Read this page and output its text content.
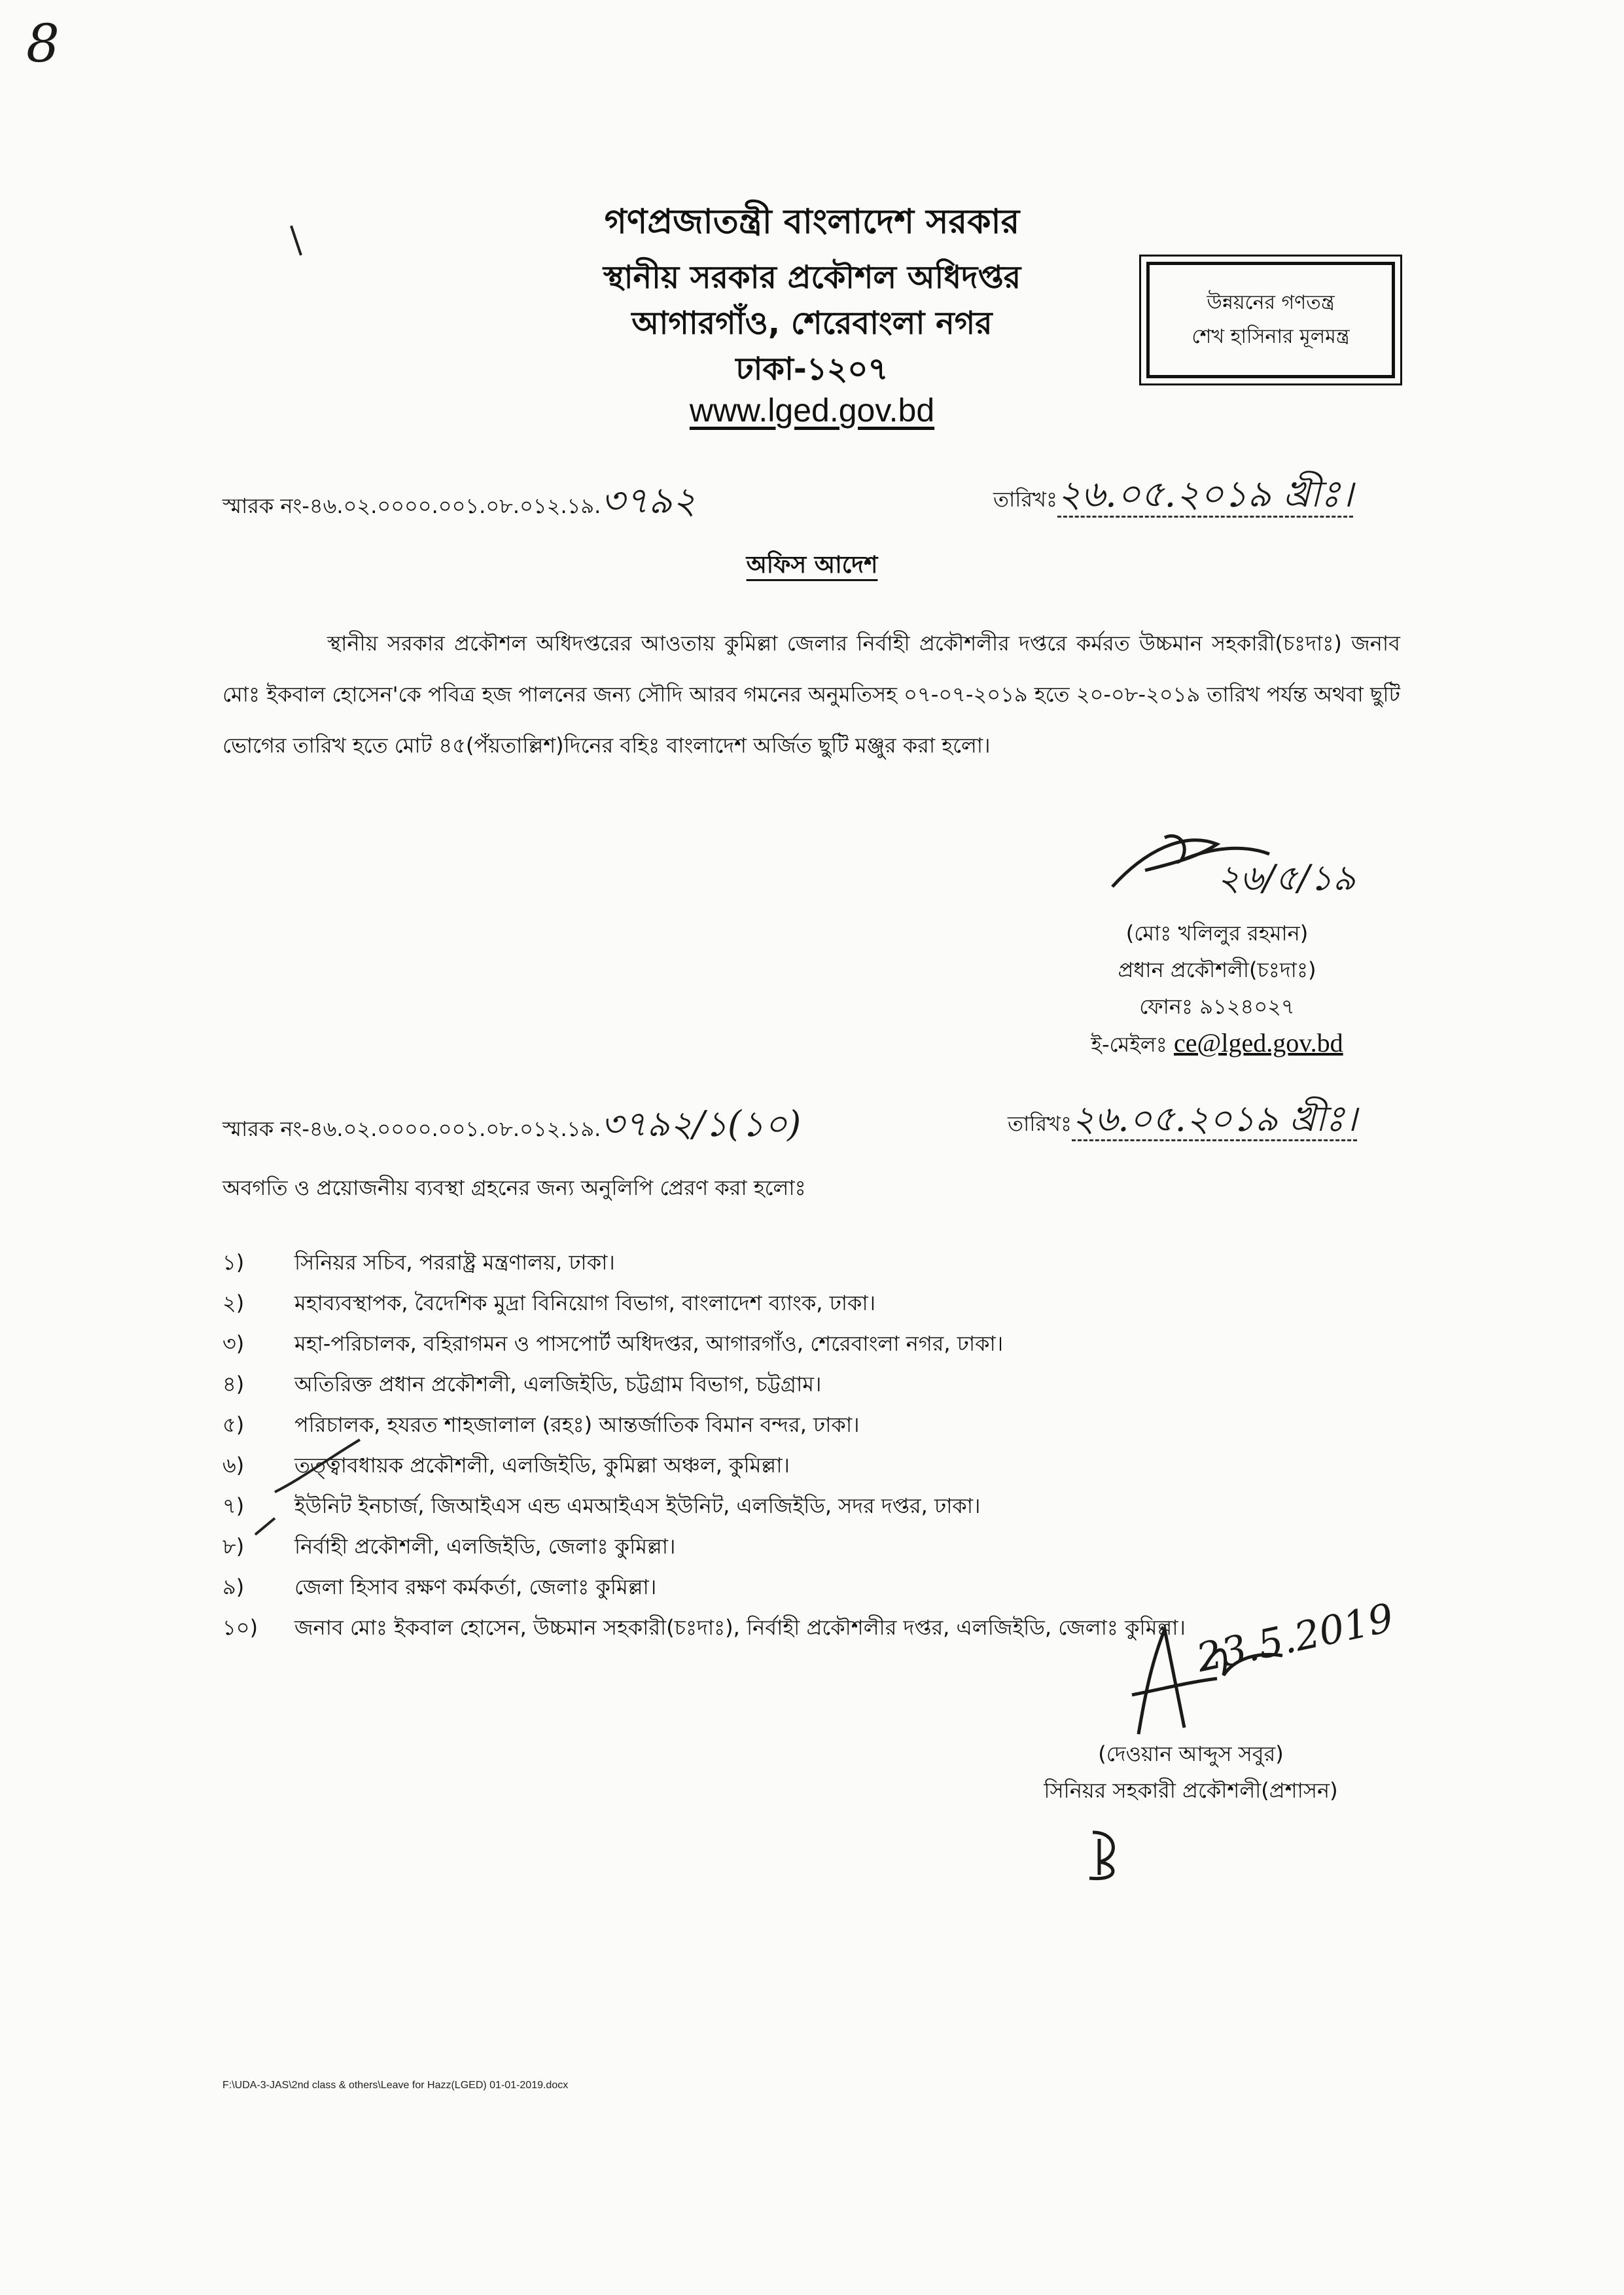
8
গণপ্রজাতন্ত্রী বাংলাদেশ সরকার
স্থানীয় সরকার প্রকৌশল অধিদপ্তর
আগারগাঁও, শেরেবাংলা নগর
ঢাকা-১২০৭
www.lged.gov.bd
উন্নয়নের গণতন্ত্র
শেখ হাসিনার মূলমন্ত্র
স্মারক নং-৪৬.০২.০০০০.০০১.০৮.০১২.১৯.৩৭৯২	তারিখঃ২৬.০৫.২০১৯ খ্রীঃ।
অফিস আদেশ
স্থানীয় সরকার প্রকৌশল অধিদপ্তরের আওতায় কুমিল্লা জেলার নির্বাহী প্রকৌশলীর দপ্তরে কর্মরত উচ্চমান সহকারী(চঃদাঃ) জনাব মোঃ ইকবাল হোসেন'কে পবিত্র হজ পালনের জন্য সৌদি আরব গমনের অনুমতিসহ ০৭-০৭-২০১৯ হতে ২০-০৮-২০১৯ তারিখ পর্যন্ত অথবা ছুটি ভোগের তারিখ হতে মোট ৪৫(পঁয়তাল্লিশ)দিনের বহিঃ বাংলাদেশ অর্জিত ছুটি মঞ্জুর করা হলো।
২৬/৫/১৯
(মোঃ খলিলুর রহমান)
প্রধান প্রকৌশলী(চঃদাঃ)
ফোনঃ ৯১২৪০২৭
ই-মেইলঃ ce@lged.gov.bd
স্মারক নং-৪৬.০২.০০০০.০০১.০৮.০১২.১৯.৩৭৯২/১(১০)	তারিখঃ২৬.০৫.২০১৯ খ্রীঃ।
অবগতি ও প্রয়োজনীয় ব্যবস্থা গ্রহনের জন্য অনুলিপি প্রেরণ করা হলোঃ
১)	সিনিয়র সচিব, পররাষ্ট্র মন্ত্রণালয়, ঢাকা।
২)	মহাব্যবস্থাপক, বৈদেশিক মুদ্রা বিনিয়োগ বিভাগ, বাংলাদেশ ব্যাংক, ঢাকা।
৩)	মহা-পরিচালক, বহিরাগমন ও পাসপোর্ট অধিদপ্তর, আগারগাঁও, শেরেবাংলা নগর, ঢাকা।
৪)	অতিরিক্ত প্রধান প্রকৌশলী, এলজিইডি, চট্টগ্রাম বিভাগ, চট্টগ্রাম।
৫)	পরিচালক, হযরত শাহজালাল (রহঃ) আন্তর্জাতিক বিমান বন্দর, ঢাকা।
৬)	তত্ত্বাবধায়ক প্রকৌশলী, এলজিইডি, কুমিল্লা অঞ্চল, কুমিল্লা।
৭)	ইউনিট ইনচার্জ, জিআইএস এন্ড এমআইএস ইউনিট, এলজিইডি, সদর দপ্তর, ঢাকা।
৮)	নির্বাহী প্রকৌশলী, এলজিইডি, জেলাঃ কুমিল্লা।
৯)	জেলা হিসাব রক্ষণ কর্মকর্তা, জেলাঃ কুমিল্লা।
১০)	জনাব মোঃ ইকবাল হোসেন, উচ্চমান সহকারী(চঃদাঃ), নির্বাহী প্রকৌশলীর দপ্তর, এলজিইডি, জেলাঃ কুমিল্লা। 23.5.2019
(দেওয়ান আব্দুস সবুর)
সিনিয়র সহকারী প্রকৌশলী(প্রশাসন)
F:\UDA-3-JAS\2nd class & others\Leave for Hazz(LGED) 01-01-2019.docx
